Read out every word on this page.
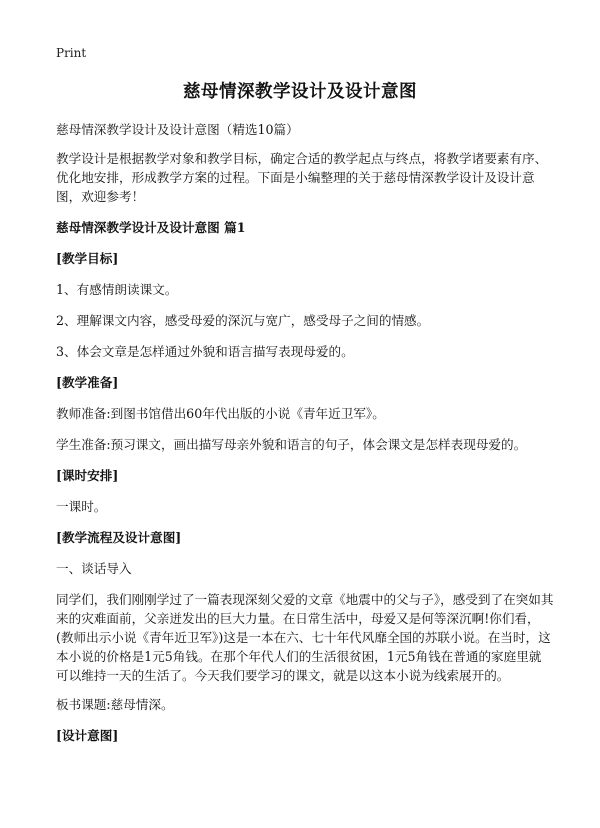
Print
慈母情深教学设计及设计意图

慈母情深教学设计及设计意图（精选10篇）

教学设计是根据教学对象和教学目标，确定合适的教学起点与终点，将教学诸要素有序、优化地安排，形成教学方案的过程。下面是小编整理的关于慈母情深教学设计及设计意图，欢迎参考！

慈母情深教学设计及设计意图 篇1

[教学目标]

1、有感情朗读课文。

2、理解课文内容，感受母爱的深沉与宽广，感受母子之间的情感。

3、体会文章是怎样通过外貌和语言描写表现母爱的。

[教学准备]

教师准备:到图书馆借出60年代出版的小说《青年近卫军》。

学生准备:预习课文，画出描写母亲外貌和语言的句子，体会课文是怎样表现母爱的。

[课时安排]

一课时。

[教学流程及设计意图]

一、谈话导入

同学们，我们刚刚学过了一篇表现深刻父爱的文章《地震中的父与子》，感受到了在突如其来的灾难面前，父亲迸发出的巨大力量。在日常生活中，母爱又是何等深沉啊!你们看，(教师出示小说《青年近卫军》)这是一本在六、七十年代风靡全国的苏联小说。在当时，这本小说的价格是1元5角钱。在那个年代人们的生活很贫困，1元5角钱在普通的家庭里就可以维持一天的生活了。今天我们要学习的课文，就是以这本小说为线索展开的。

板书课题:慈母情深。

[设计意图]
